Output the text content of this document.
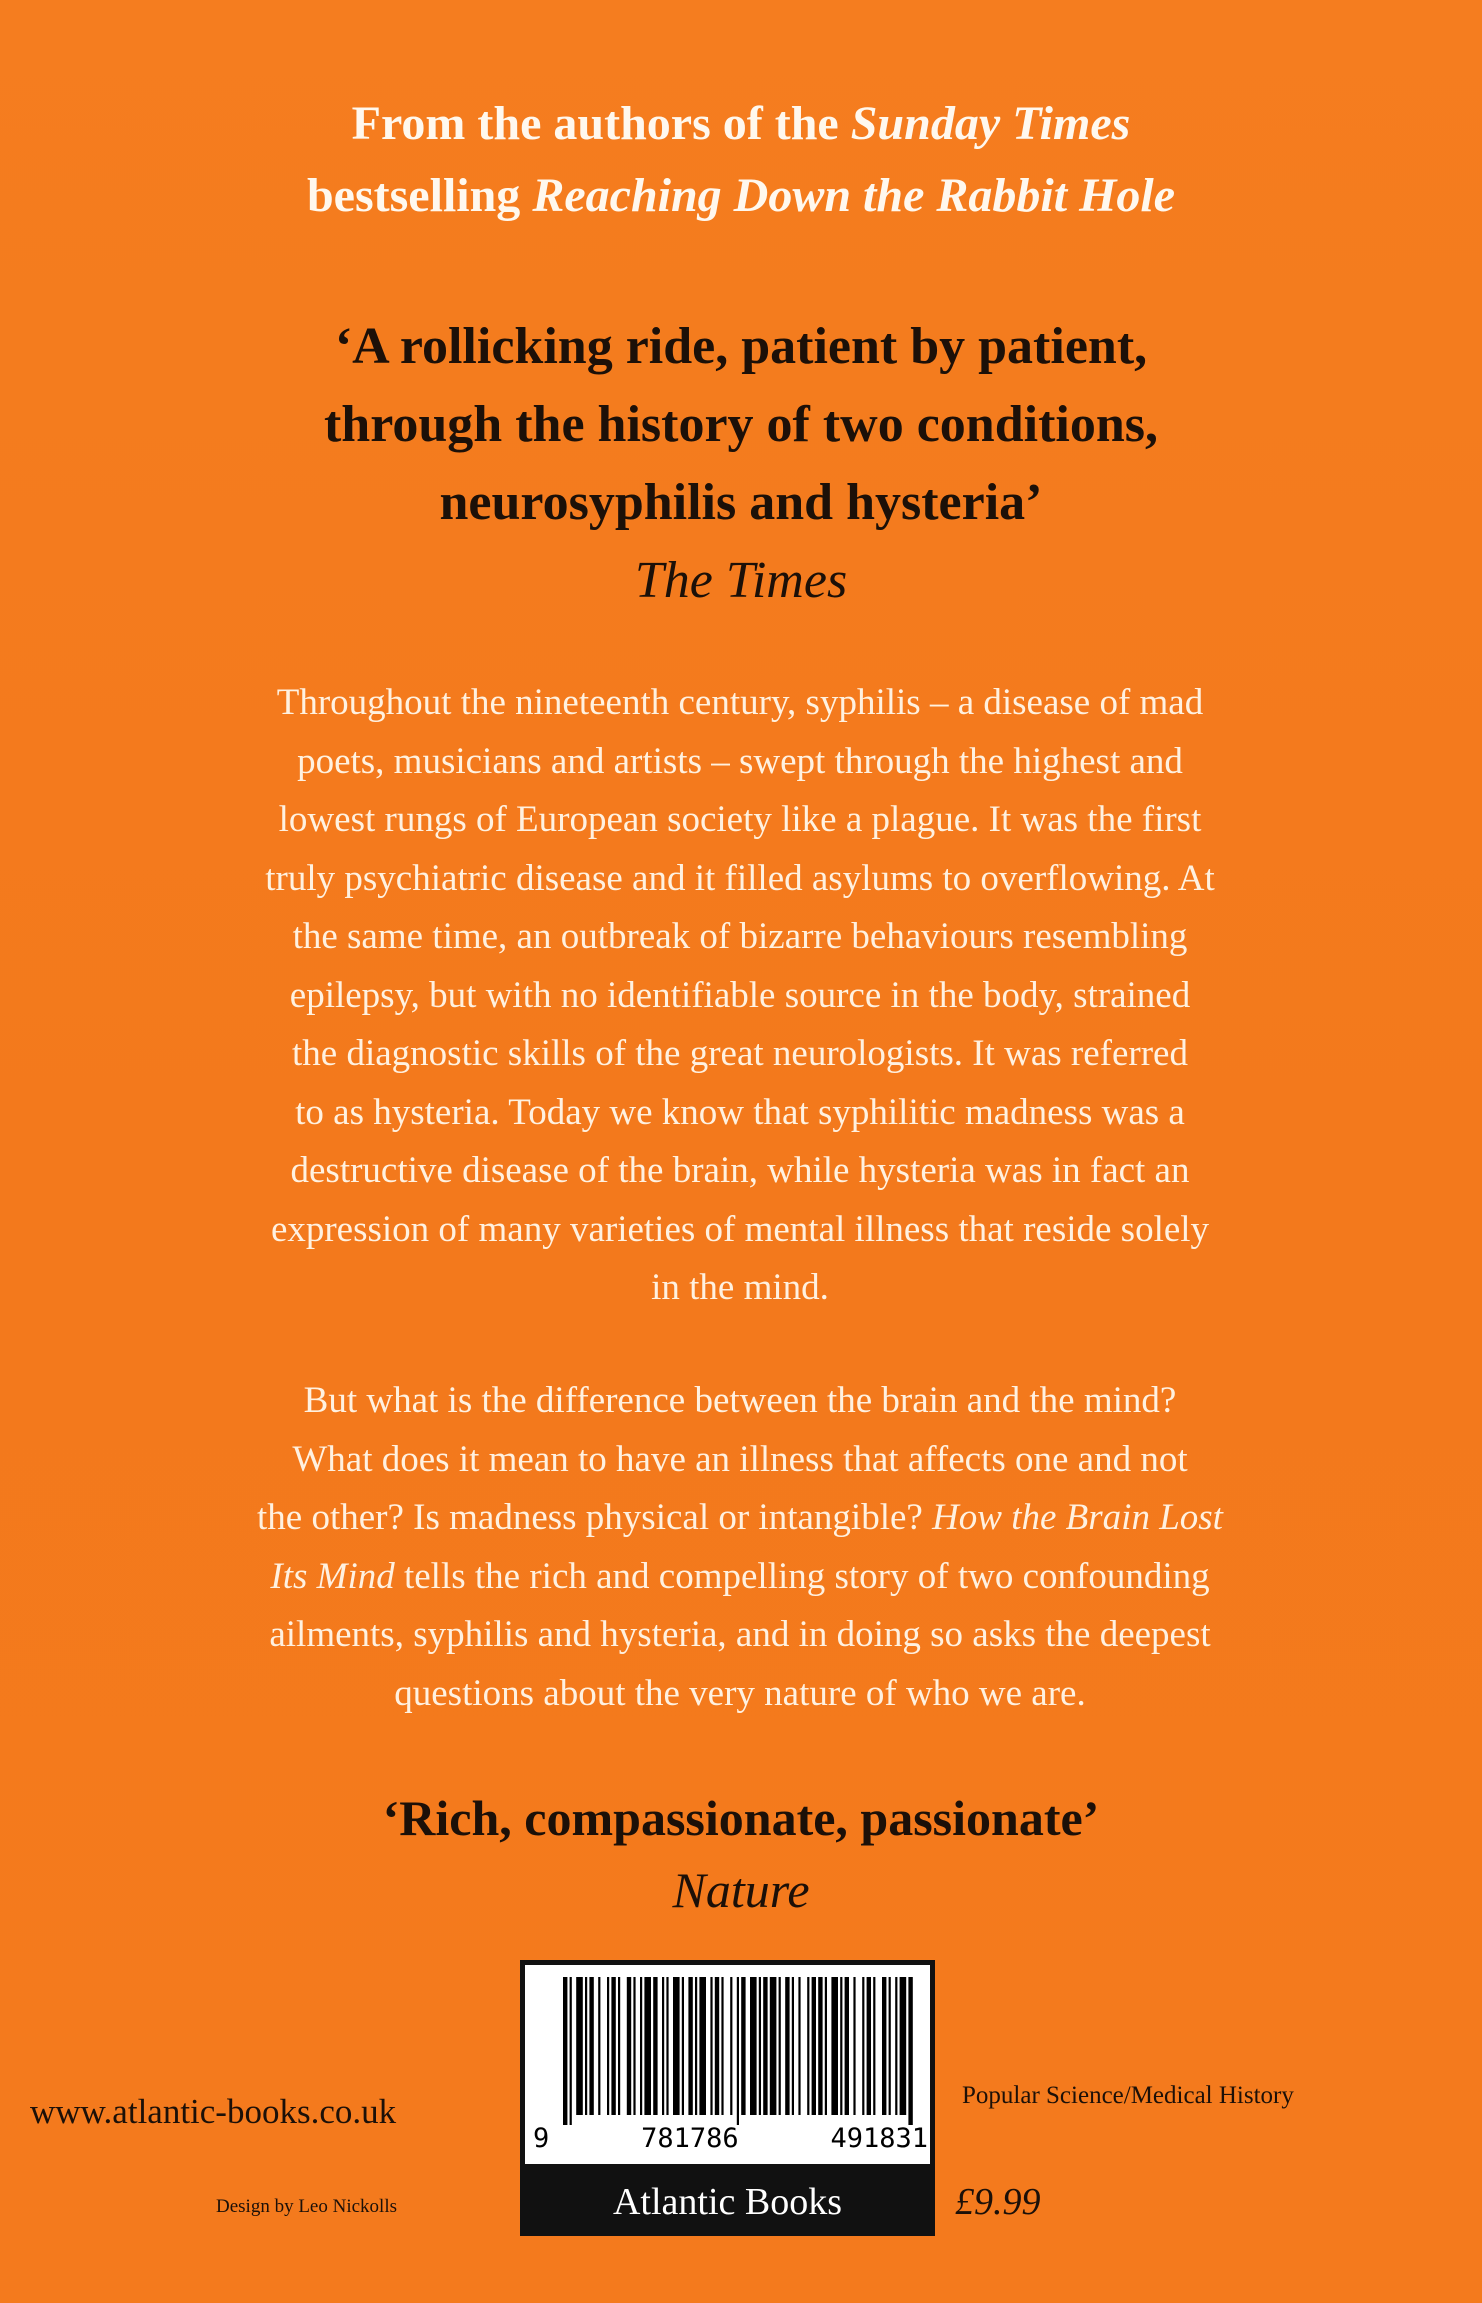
From the authors of the Sunday Times
bestselling Reaching Down the Rabbit Hole
‘A rollicking ride, patient by patient,
through the history of two conditions,
neurosyphilis and hysteria’
The Times
Throughout the nineteenth century, syphilis – a disease of mad
poets, musicians and artists – swept through the highest and
lowest rungs of European society like a plague. It was the first
truly psychiatric disease and it filled asylums to overflowing. At
the same time, an outbreak of bizarre behaviours resembling
epilepsy, but with no identifiable source in the body, strained
the diagnostic skills of the great neurologists. It was referred
to as hysteria. Today we know that syphilitic madness was a
destructive disease of the brain, while hysteria was in fact an
expression of many varieties of mental illness that reside solely
in the mind.
But what is the difference between the brain and the mind?
What does it mean to have an illness that affects one and not
the other? Is madness physical or intangible? How the Brain Lost
Its Mind tells the rich and compelling story of two confounding
ailments, syphilis and hysteria, and in doing so asks the deepest
questions about the very nature of who we are.
‘Rich, compassionate, passionate’
Nature
www.atlantic-books.co.uk
Design by Leo Nickolls
9	781786	491831
Atlantic Books
Popular Science/Medical History
£9.99
